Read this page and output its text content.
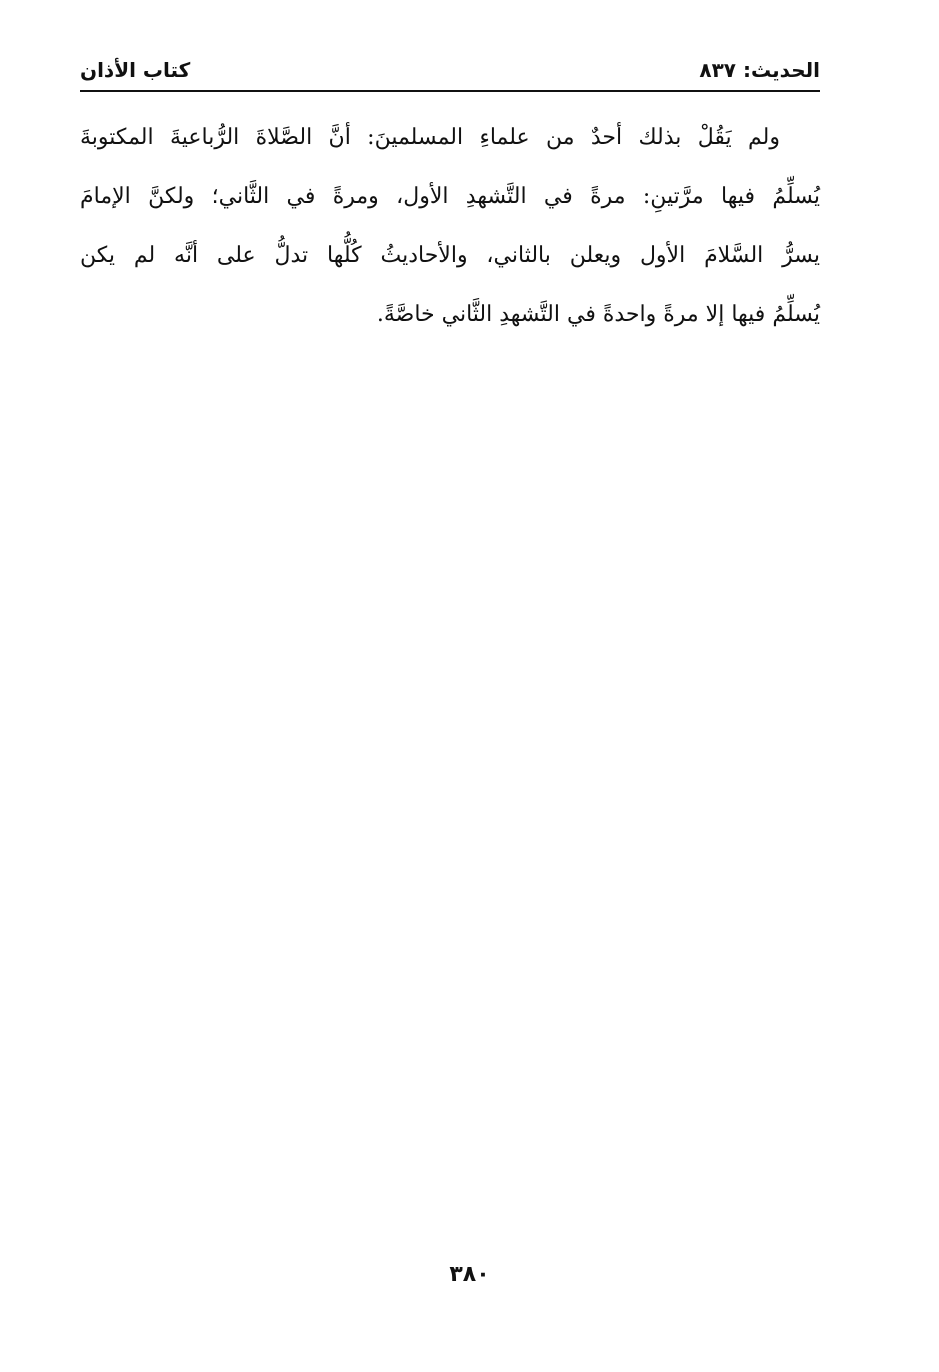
الحديث: ٨٣٧
كتاب الأذان
ولم يَقُلْ بذلك أحدٌ من علماءِ المسلمينَ: أنَّ الصَّلاةَ الرُّباعيةَ المكتوبةَ
يُسلِّمُ فيها مرَّتينِ: مرةً في التَّشهدِ الأول، ومرةً في الثَّاني؛ ولكنَّ الإمامَ
يسرُّ السَّلامَ الأول ويعلن بالثاني، والأحاديثُ كُلُّها تدلُّ على أنَّه لم يكن
يُسلِّمُ فيها إلا مرةً واحدةً في التَّشهدِ الثَّاني خاصَّةً.
٣٨٠
